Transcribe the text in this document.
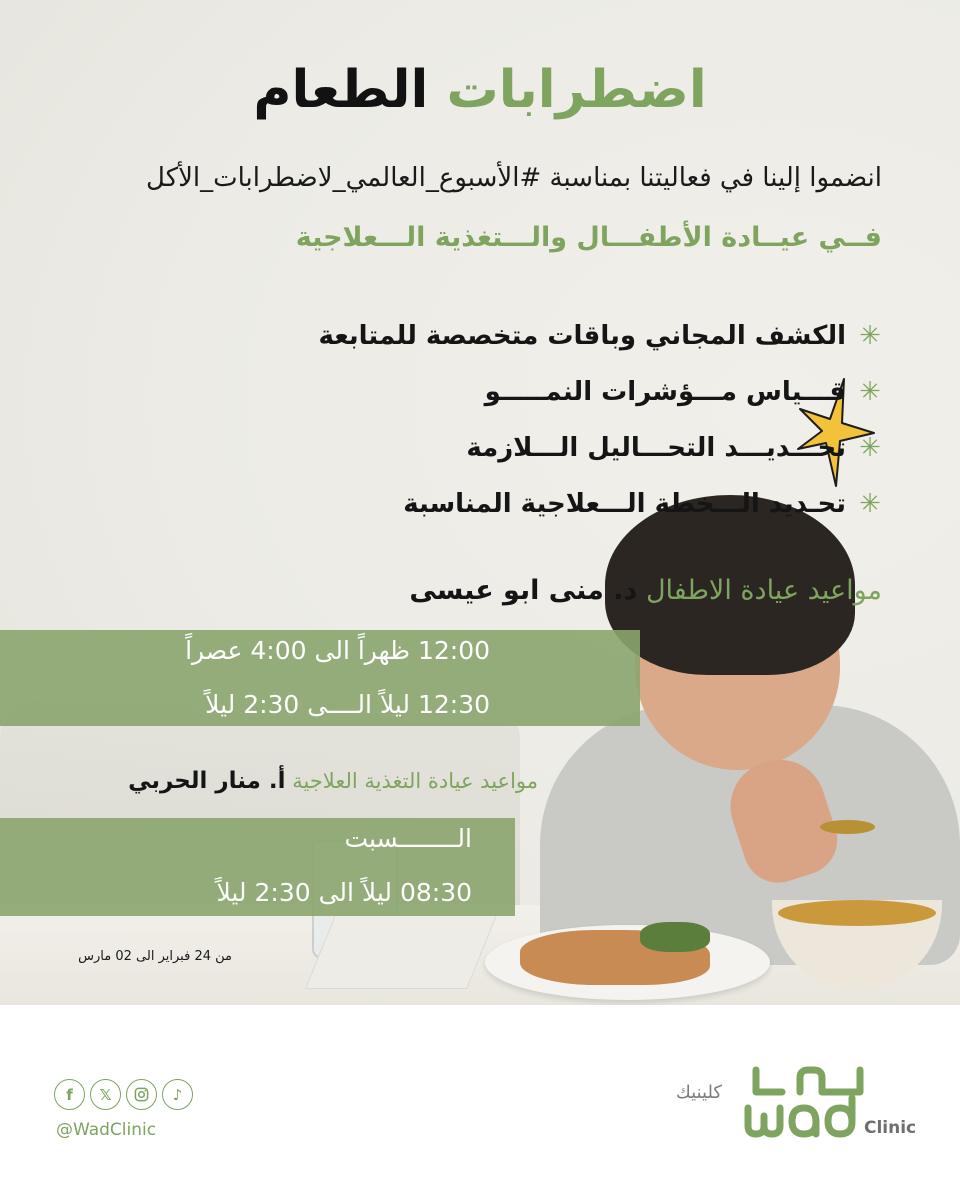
اضطرابات الطعام
انضموا إلينا في فعاليتنا بمناسبة #الأسبوع_العالمي_لاضطرابات_الأكل
فــي عيــادة الأطفـــال والـــتغذية الـــعلاجية
✳
الكشف المجاني وباقات متخصصة للمتابعة
✳
قـــياس مـــؤشرات النمـــــو
✳
تحـــديـــد التحـــاليل الـــلازمة
✳
تحـديد الـــخطة الـــعلاجية المناسبة
مواعيد عيادة الاطفال د. منى ابو عيسى
12:00 ظهراً الى 4:00 عصراً
12:30 ليلاً الــــى 2:30 ليلاً
مواعيد عيادة التغذية العلاجية أ. منار الحربي
الــــــــسبت
08:30 ليلاً الى 2:30 ليلاً
من 24 فبراير الى 02 مارس
f	𝕏	♪
@WadClinic
كلينيك
Clinic
